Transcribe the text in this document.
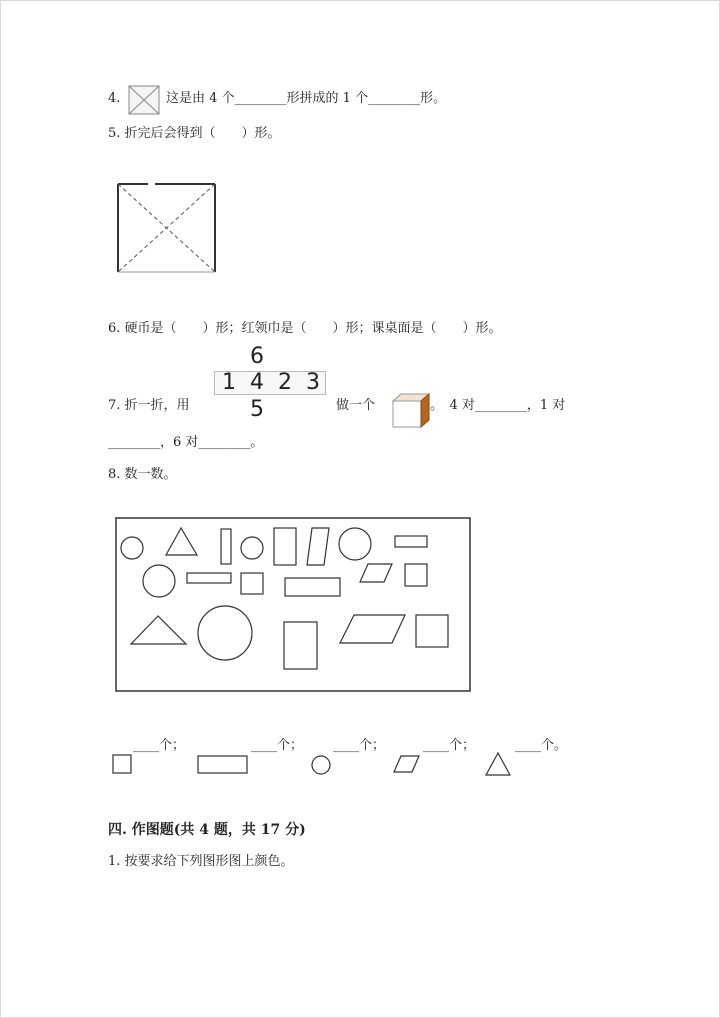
4.	这是由 4 个________形拼成的 1 个________形。
5. 折完后会得到（　　）形。
6. 硬币是（　　）形；红领巾是（　　）形；课桌面是（　　）形。
7. 折一折，用
6
1 4 2 3
5	做一个	。　4 对________，1 对
________，6 对________。
8. 数一数。
____个；	____个； ____个；	____个；	____个。
四. 作图题(共 4 题，共 17 分)
1. 按要求给下列图形图上颜色。
